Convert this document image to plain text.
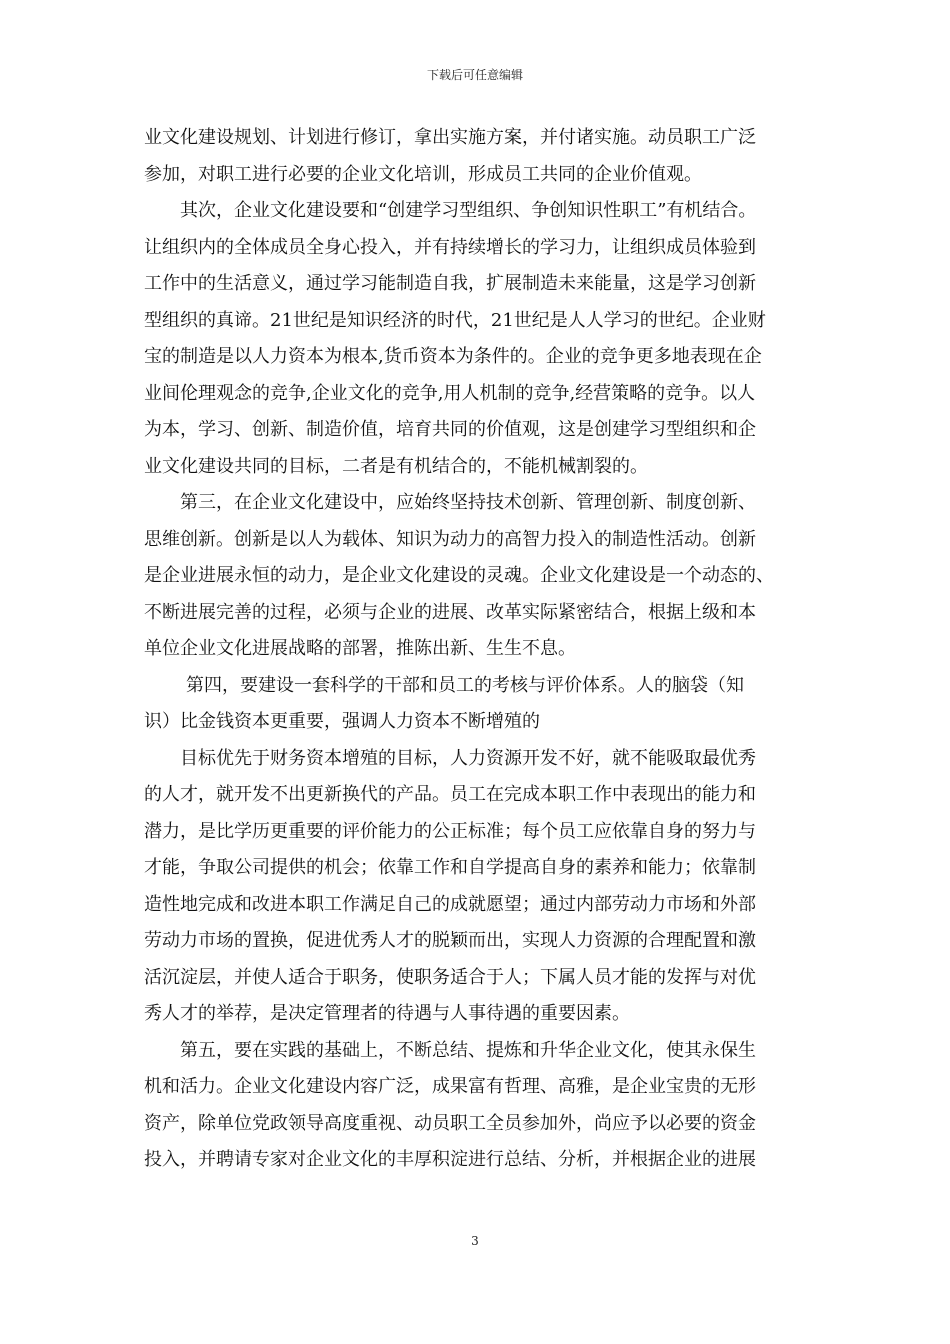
下载后可任意编辑
业文化建设规划、计划进行修订，拿出实施方案，并付诸实施。动员职工广泛
参加，对职工进行必要的企业文化培训，形成员工共同的企业价值观。
其次，企业文化建设要和“创建学习型组织、争创知识性职工”有机结合。
让组织内的全体成员全身心投入，并有持续增长的学习力，让组织成员体验到
工作中的生活意义，通过学习能制造自我，扩展制造未来能量，这是学习创新
型组织的真谛。21世纪是知识经济的时代，21世纪是人人学习的世纪。企业财
宝的制造是以人力资本为根本,货币资本为条件的。企业的竞争更多地表现在企
业间伦理观念的竞争,企业文化的竞争,用人机制的竞争,经营策略的竞争。以人
为本，学习、创新、制造价值，培育共同的价值观，这是创建学习型组织和企
业文化建设共同的目标，二者是有机结合的，不能机械割裂的。
第三，在企业文化建设中，应始终坚持技术创新、管理创新、制度创新、
思维创新。创新是以人为载体、知识为动力的高智力投入的制造性活动。创新
是企业进展永恒的动力，是企业文化建设的灵魂。企业文化建设是一个动态的、
不断进展完善的过程，必须与企业的进展、改革实际紧密结合，根据上级和本
单位企业文化进展战略的部署，推陈出新、生生不息。
第四，要建设一套科学的干部和员工的考核与评价体系。人的脑袋（知
识）比金钱资本更重要，强调人力资本不断增殖的
目标优先于财务资本增殖的目标，人力资源开发不好，就不能吸取最优秀
的人才，就开发不出更新换代的产品。员工在完成本职工作中表现出的能力和
潜力，是比学历更重要的评价能力的公正标准；每个员工应依靠自身的努力与
才能，争取公司提供的机会；依靠工作和自学提高自身的素养和能力；依靠制
造性地完成和改进本职工作满足自己的成就愿望；通过内部劳动力市场和外部
劳动力市场的置换，促进优秀人才的脱颖而出，实现人力资源的合理配置和激
活沉淀层，并使人适合于职务，使职务适合于人；下属人员才能的发挥与对优
秀人才的举荐，是决定管理者的待遇与人事待遇的重要因素。
第五，要在实践的基础上，不断总结、提炼和升华企业文化，使其永保生
机和活力。企业文化建设内容广泛，成果富有哲理、高雅，是企业宝贵的无形
资产，除单位党政领导高度重视、动员职工全员参加外，尚应予以必要的资金
投入，并聘请专家对企业文化的丰厚积淀进行总结、分析，并根据企业的进展
3
